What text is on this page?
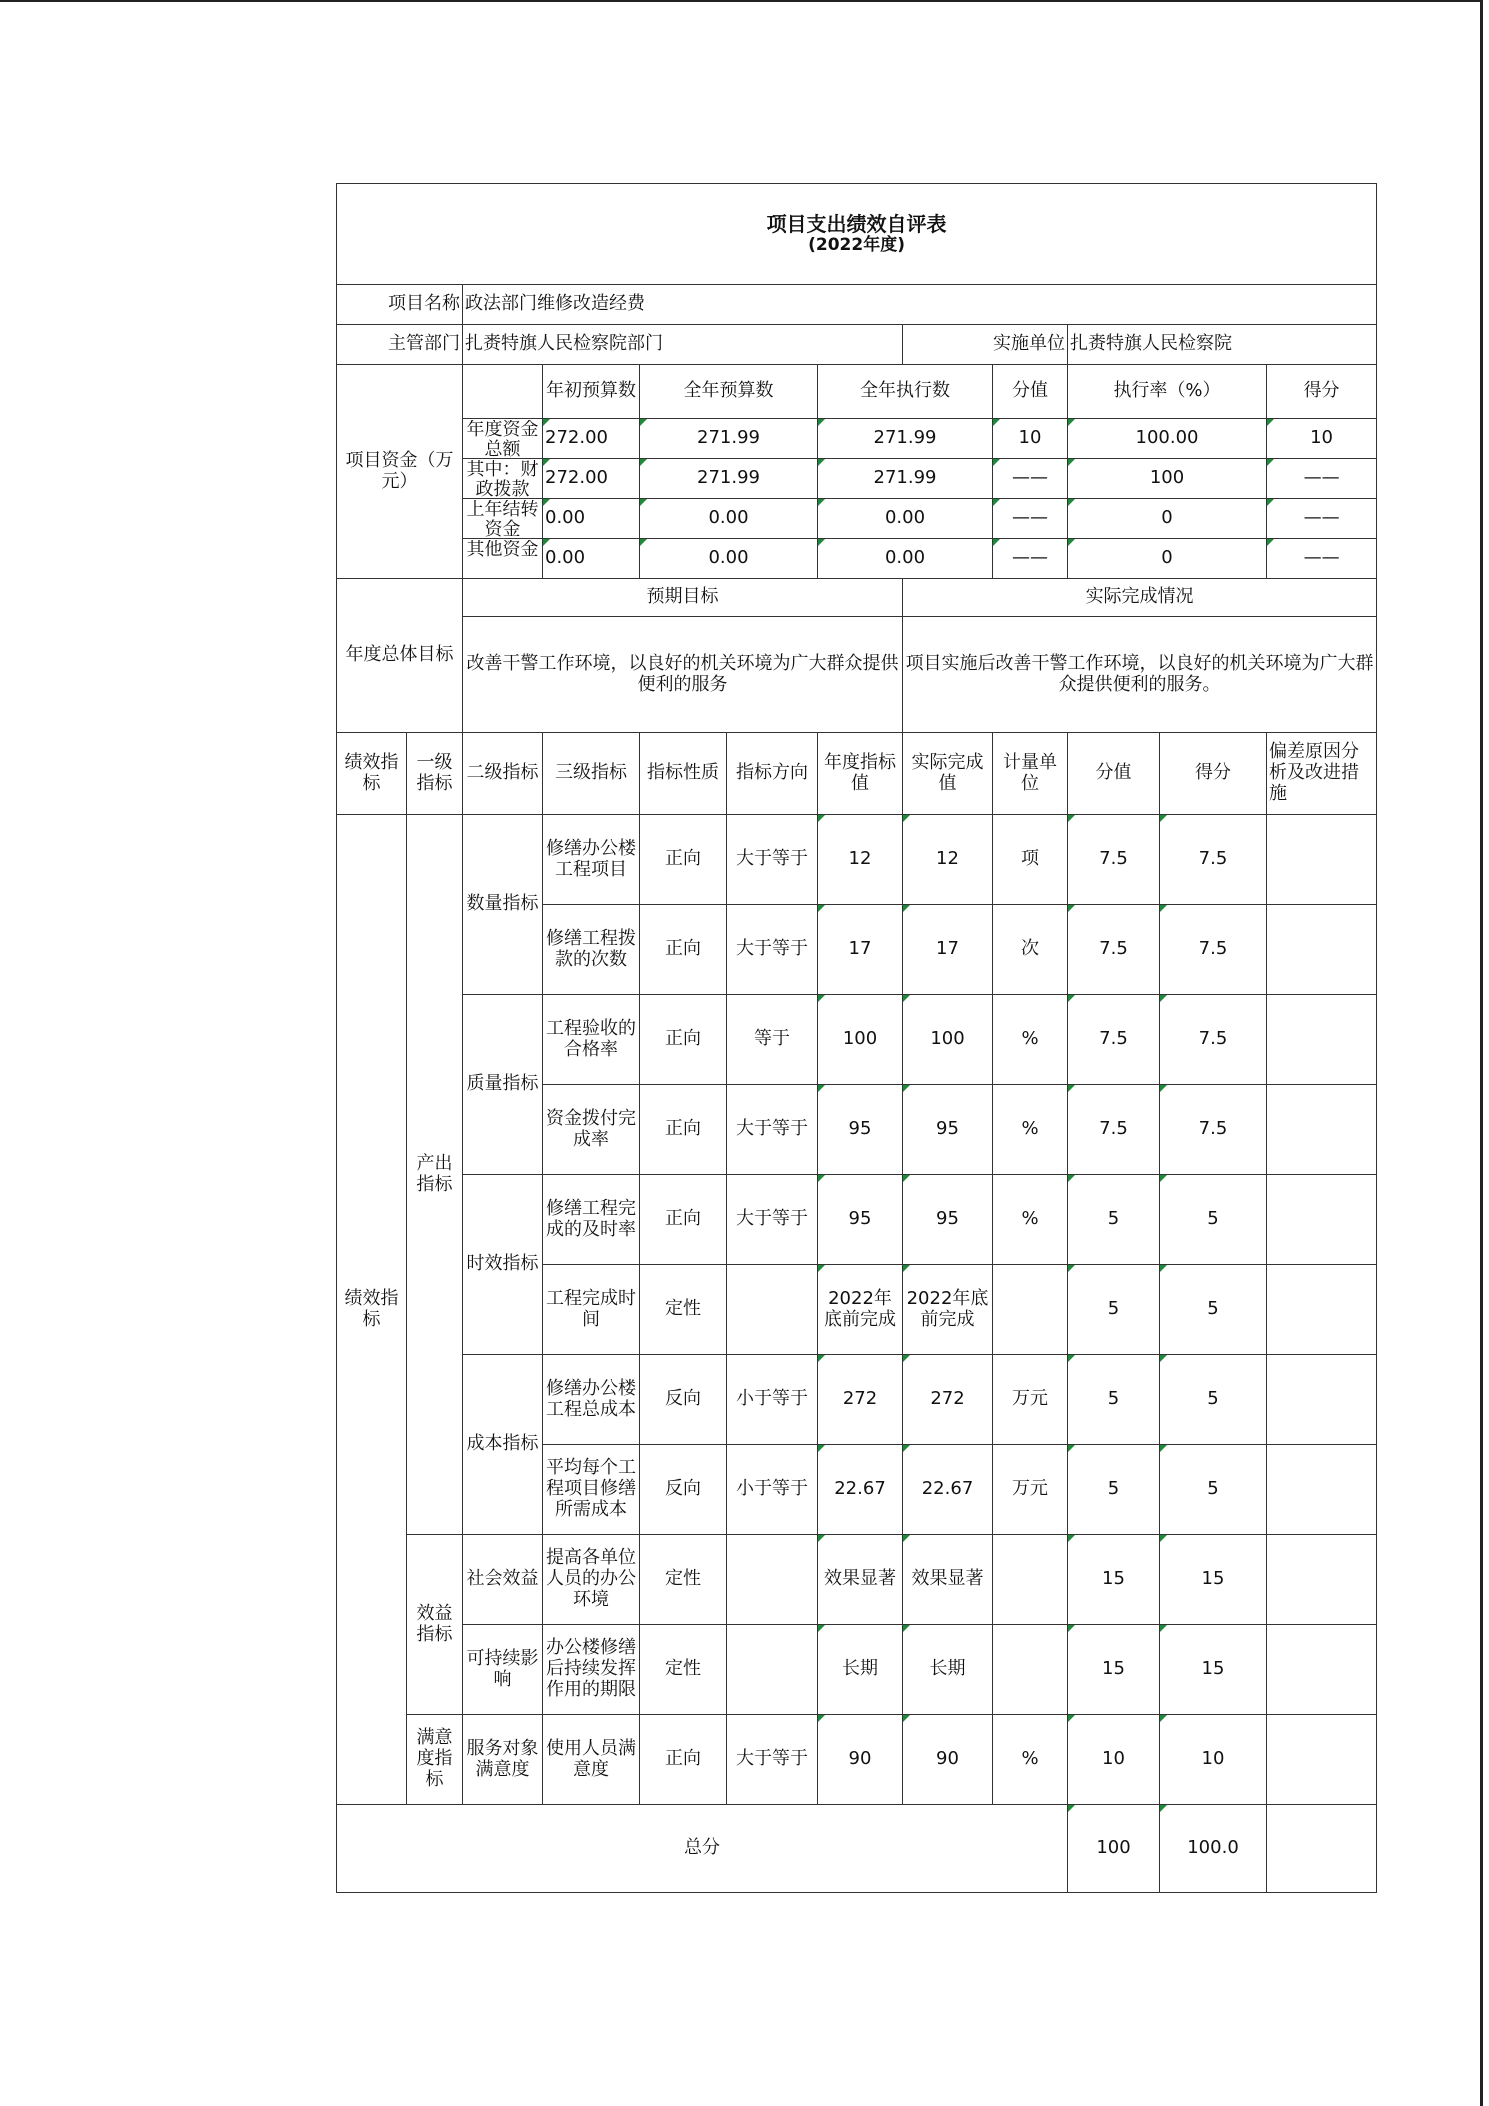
项目支出绩效自评表
(2022年度)											

项目名称		政法部门维修改造经费									
主管部门		扎赉特旗人民检察院部门					实施单位		扎赉特旗人民检察院		
项目资金（万元）			年初预算数	全年预算数		全年执行数		分值	执行率（%）		得分

		年度资金总额	272.00	271.99		271.99		10	100.00		10

		其中：财政拨款	272.00	271.99		271.99		——	100		——

		上年结转资金	0.00	0.00		0.00		——	0		——

		其他资金	0.00	0.00		0.00		——	0		——
年度总体目标		预期目标					实际完成情况				
		改善干警工作环境，以良好的机关环境为广大群众提供便利的服务					项目实施后改善干警工作环境，以良好的机关环境为广大群众提供便利的服务。				
绩效指标	一级指标	二级指标	三级指标	指标性质	指标方向	年度指标值	实际完成值	计量单位	分值	得分	偏差原因分析及改进措施
绩效指标	产出指标	数量指标	修缮办公楼工程项目	正向	大于等于	12	12	项	7.5	7.5	
			修缮工程拨款的次数	正向	大于等于	17	17	次	7.5	7.5	
		质量指标	工程验收的合格率	正向	等于	100	100	%	7.5	7.5	
			资金拨付完成率	正向	大于等于	95	95	%	7.5	7.5	
		时效指标	修缮工程完成的及时率	正向	大于等于	95	95	%	5	5	
			工程完成时间	定性		2022年底前完成	2022年底前完成		5	5	
		成本指标	修缮办公楼工程总成本	反向	小于等于	272	272	万元	5	5	
			平均每个工程项目修缮所需成本	反向	小于等于	22.67	22.67	万元	5	5	
	效益指标	社会效益	提高各单位人员的办公环境	定性		效果显著	效果显著		15	15	
		可持续影响	办公楼修缮后持续发挥作用的期限	定性		长期	长期		15	15	
	满意度指标	服务对象满意度	使用人员满意度	正向	大于等于	90	90	%	10	10	
总分									100	100.0	
